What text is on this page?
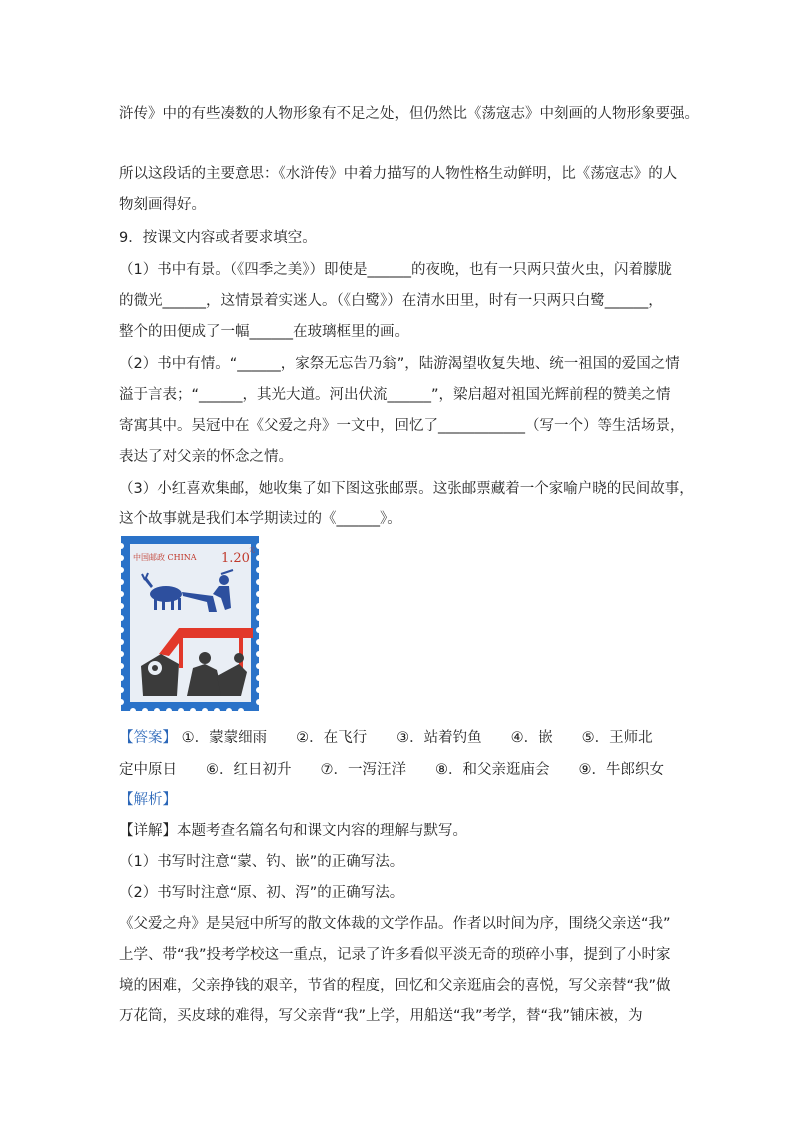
浒传》中的有些凑数的人物形象有不足之处，但仍然比《荡寇志》中刻画的人物形象要强。
所以这段话的主要意思：《水浒传》中着力描写的人物性格生动鲜明，比《荡寇志》的人
物刻画得好。
9．按课文内容或者要求填空。
（1）书中有景。（《四季之美》）即使是______的夜晚，也有一只两只萤火虫，闪着朦胧
的微光______，这情景着实迷人。（《白鹭》）在清水田里，时有一只两只白鹭______，
整个的田便成了一幅______在玻璃框里的画。
（2）书中有情。“______，家祭无忘告乃翁”，陆游渴望收复失地、统一祖国的爱国之情
溢于言表；“______，其光大道。河出伏流______”，梁启超对祖国光辉前程的赞美之情
寄寓其中。吴冠中在《父爱之舟》一文中，回忆了____________（写一个）等生活场景，
表达了对父亲的怀念之情。
（3）小红喜欢集邮，她收集了如下图这张邮票。这张邮票藏着一个家喻户晓的民间故事，
这个故事就是我们本学期读过的《______》。
中国邮政 CHINA 1.20
元
【答案】 ①．蒙蒙细雨　　②．在飞行　　③．站着钓鱼　　④．嵌　　⑤．王师北
定中原日　　⑥．红日初升　　⑦．一泻汪洋　　⑧．和父亲逛庙会　　⑨．牛郎织女
【解析】
【详解】本题考查名篇名句和课文内容的理解与默写。
（1）书写时注意“蒙、钓、嵌”的正确写法。
（2）书写时注意“原、初、泻”的正确写法。
《父爱之舟》是吴冠中所写的散文体裁的文学作品。作者以时间为序，围绕父亲送“我”
上学、带“我”投考学校这一重点，记录了许多看似平淡无奇的琐碎小事，提到了小时家
境的困难，父亲挣钱的艰辛，节省的程度，回忆和父亲逛庙会的喜悦，写父亲替“我”做
万花筒，买皮球的难得，写父亲背“我”上学，用船送“我”考学，替“我”铺床被，为
